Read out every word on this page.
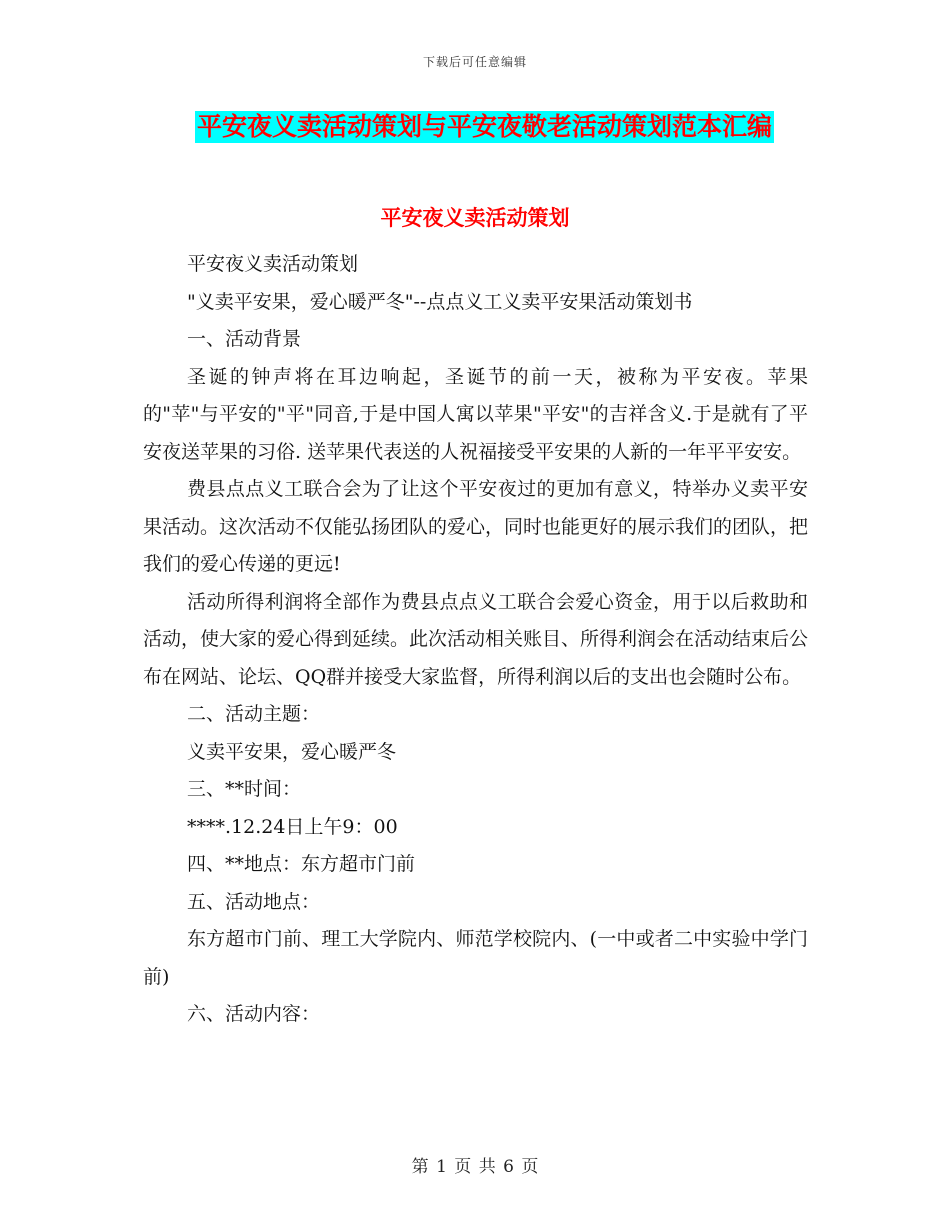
下载后可任意编辑
平安夜义卖活动策划与平安夜敬老活动策划范本汇编
平安夜义卖活动策划

平安夜义卖活动策划

"义卖平安果，爱心暖严冬"--点点义工义卖平安果活动策划书

一、活动背景

圣诞的钟声将在耳边响起，圣诞节的前一天，被称为平安夜。苹果的"苹"与平安的"平"同音,于是中国人寓以苹果"平安"的吉祥含义.于是就有了平安夜送苹果的习俗. 送苹果代表送的人祝福接受平安果的人新的一年平平安安。

费县点点义工联合会为了让这个平安夜过的更加有意义，特举办义卖平安果活动。这次活动不仅能弘扬团队的爱心，同时也能更好的展示我们的团队，把我们的爱心传递的更远!

活动所得利润将全部作为费县点点义工联合会爱心资金，用于以后救助和活动，使大家的爱心得到延续。此次活动相关账目、所得利润会在活动结束后公布在网站、论坛、QQ群并接受大家监督，所得利润以后的支出也会随时公布。

二、活动主题：

义卖平安果，爱心暖严冬

三、**时间：

****.12.24日上午9：00

四、**地点：东方超市门前

五、活动地点：

东方超市门前、理工大学院内、师范学校院内、(一中或者二中实验中学门前)

六、活动内容：

第 1 页 共 6 页
